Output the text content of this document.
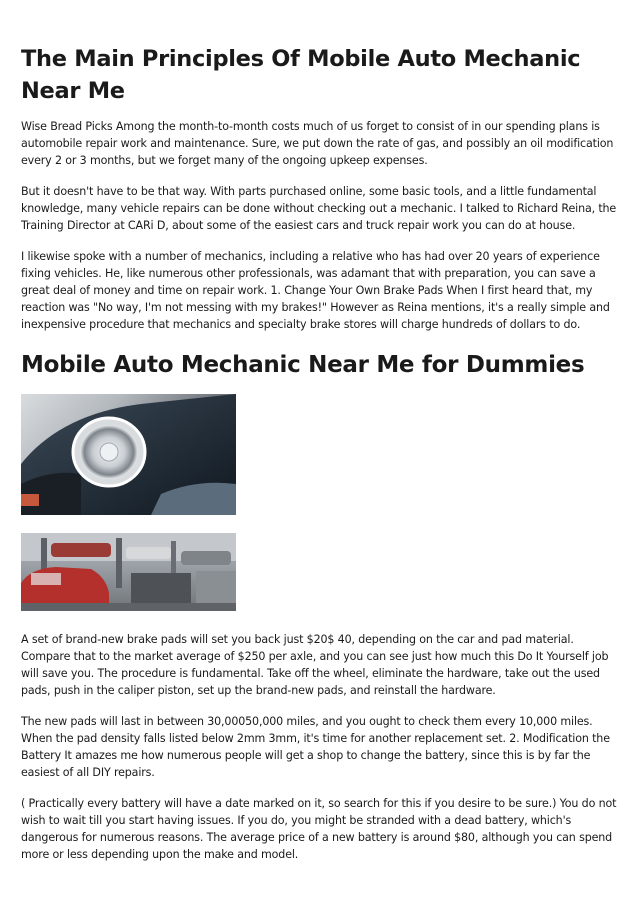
The Main Principles Of Mobile Auto Mechanic Near Me

Wise Bread Picks Among the month-to-month costs much of us forget to consist of in our spending plans is automobile repair work and maintenance. Sure, we put down the rate of gas, and possibly an oil modification every 2 or 3 months, but we forget many of the ongoing upkeep expenses.

But it doesn't have to be that way. With parts purchased online, some basic tools, and a little fundamental knowledge, many vehicle repairs can be done without checking out a mechanic. I talked to Richard Reina, the Training Director at CARi D, about some of the easiest cars and truck repair work you can do at house.

I likewise spoke with a number of mechanics, including a relative who has had over 20 years of experience fixing vehicles. He, like numerous other professionals, was adamant that with preparation, you can save a great deal of money and time on repair work. 1. Change Your Own Brake Pads When I first heard that, my reaction was "No way, I'm not messing with my brakes!" However as Reina mentions, it's a really simple and inexpensive procedure that mechanics and specialty brake stores will charge hundreds of dollars to do.

Mobile Auto Mechanic Near Me for Dummies

A set of brand-new brake pads will set you back just $20$ 40, depending on the car and pad material. Compare that to the market average of $250 per axle, and you can see just how much this Do It Yourself job will save you. The procedure is fundamental. Take off the wheel, eliminate the hardware, take out the used pads, push in the caliper piston, set up the brand-new pads, and reinstall the hardware.

The new pads will last in between 30,00050,000 miles, and you ought to check them every 10,000 miles. When the pad density falls listed below 2mm 3mm, it's time for another replacement set. 2. Modification the Battery It amazes me how numerous people will get a shop to change the battery, since this is by far the easiest of all DIY repairs.

( Practically every battery will have a date marked on it, so search for this if you desire to be sure.) You do not wish to wait till you start having issues. If you do, you might be stranded with a dead battery, which's dangerous for numerous reasons. The average price of a new battery is around $80, although you can spend more or less depending upon the make and model.
